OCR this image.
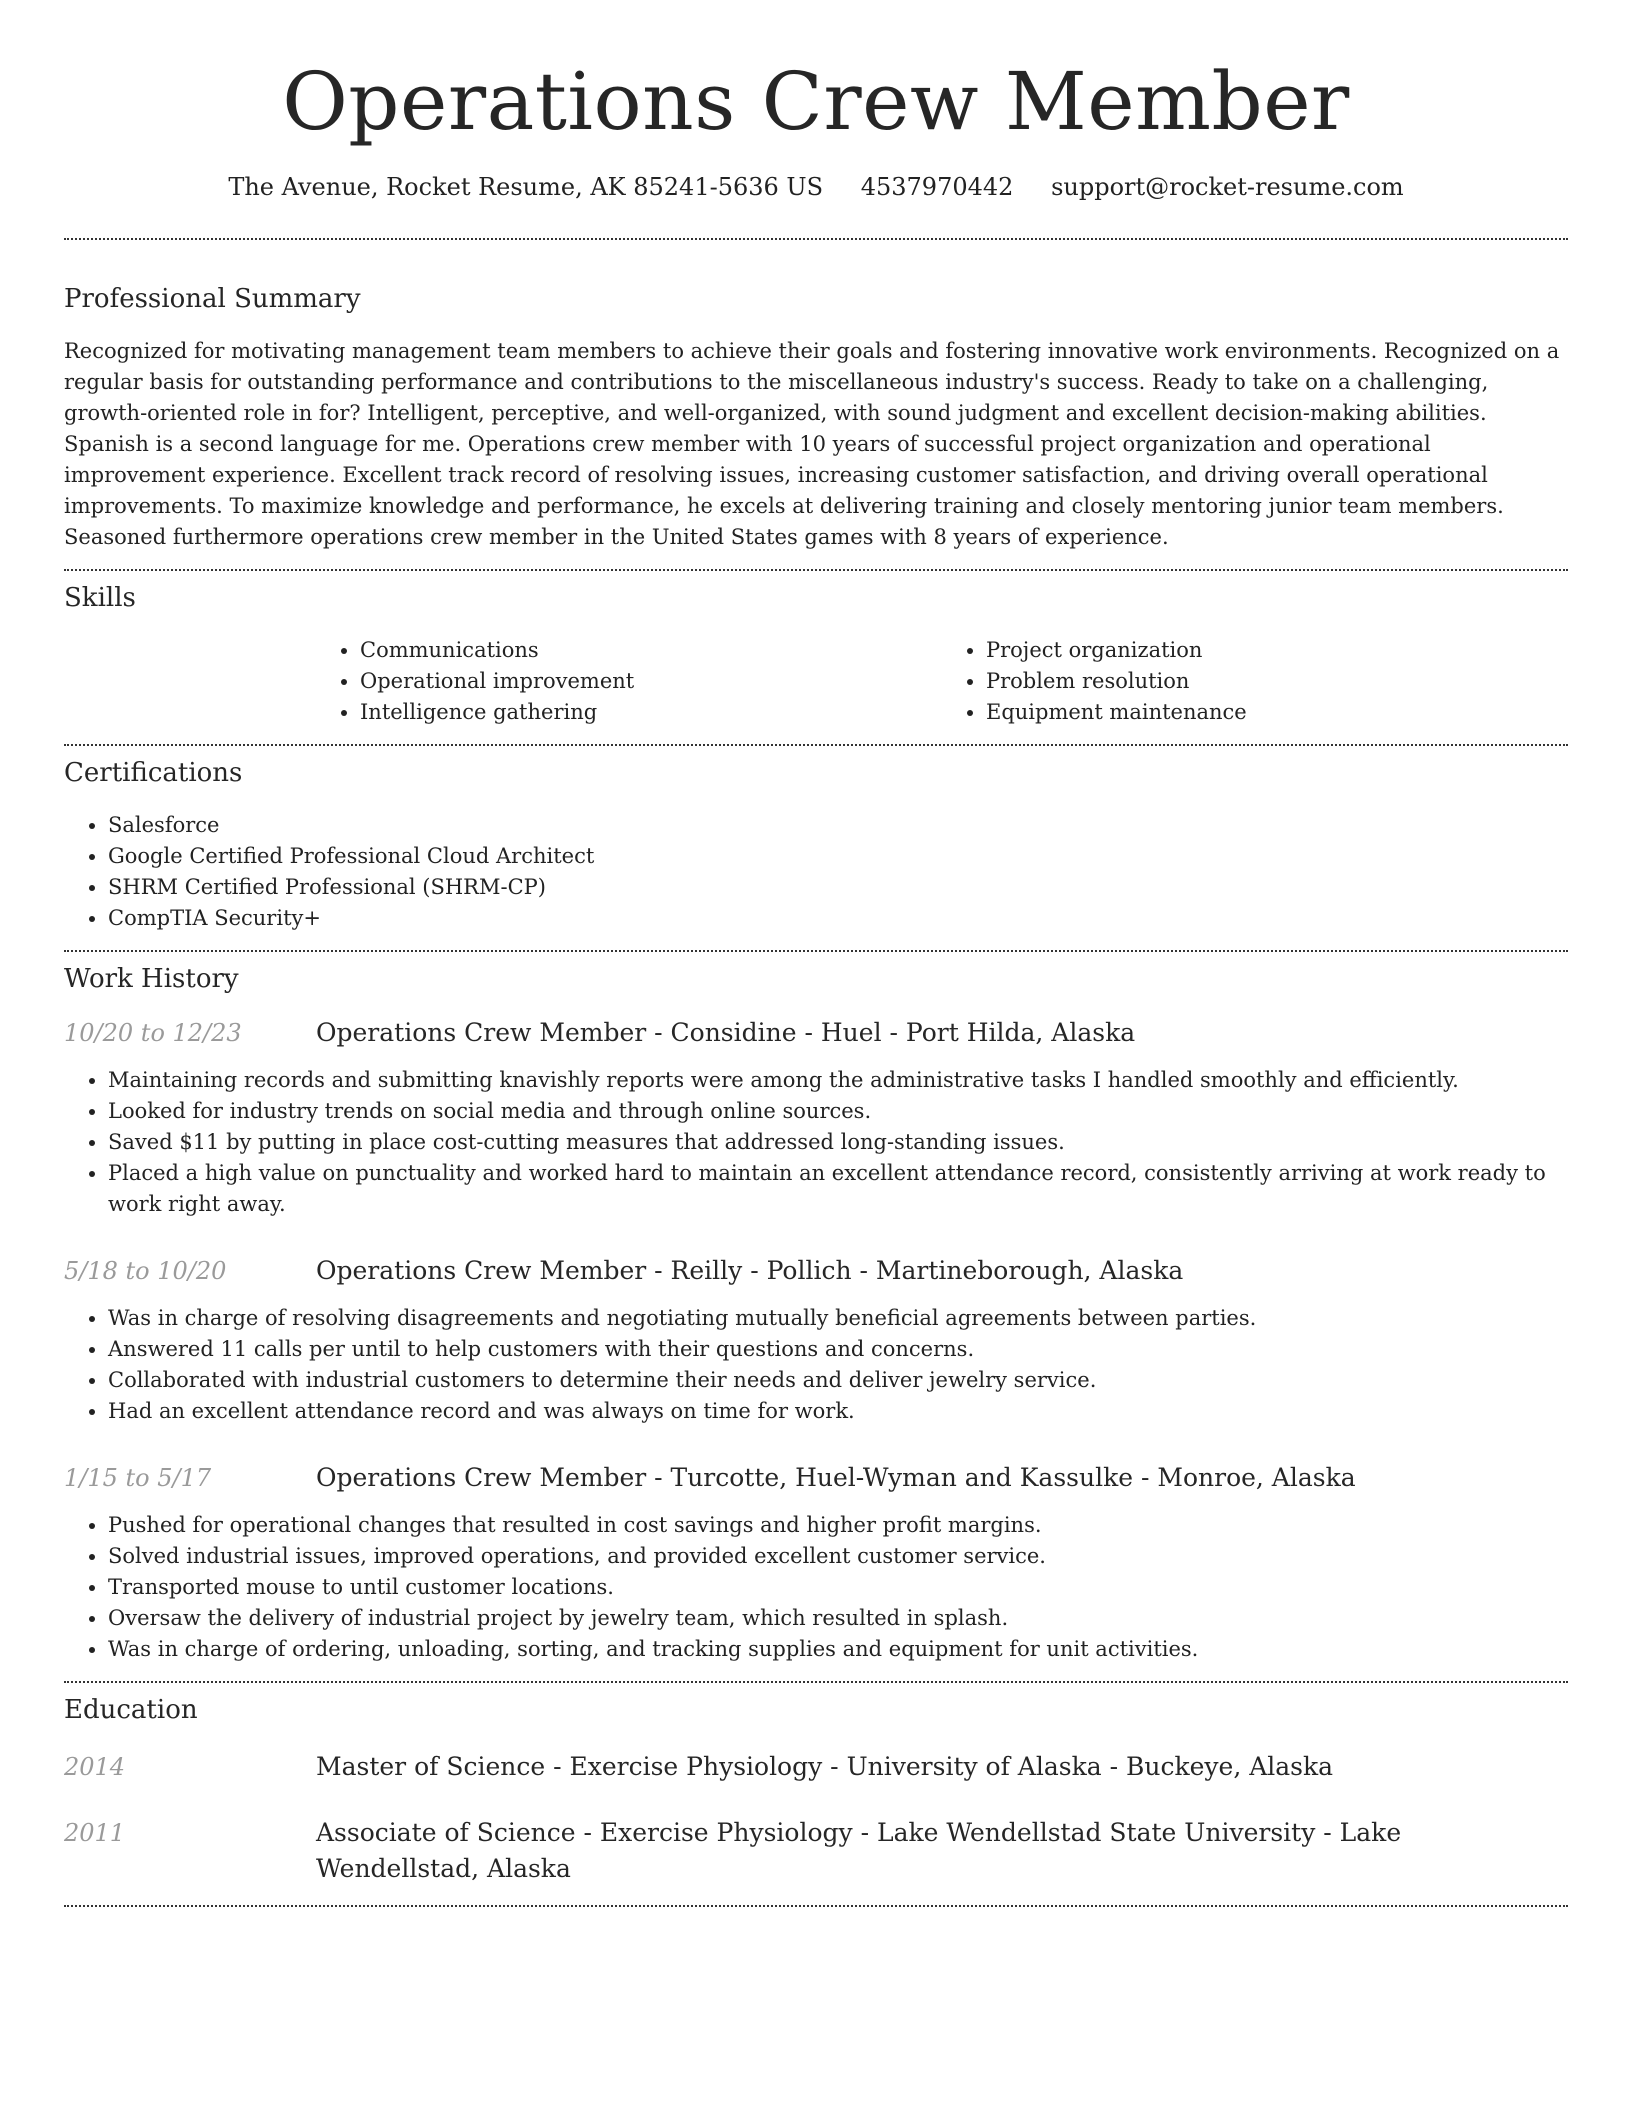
Operations Crew Member
The Avenue, Rocket Resume, AK 85241-5636 US 4537970442 support@rocket-resume.com
Professional Summary

Recognized for motivating management team members to achieve their goals and fostering innovative work environments. Recognized on a regular basis for outstanding performance and contributions to the miscellaneous industry's success. Ready to take on a challenging, growth-oriented role in for? Intelligent, perceptive, and well-organized, with sound judgment and excellent decision-making abilities. Spanish is a second language for me. Operations crew member with 10 years of successful project organization and operational improvement experience. Excellent track record of resolving issues, increasing customer satisfaction, and driving overall operational improvements. To maximize knowledge and performance, he excels at delivering training and closely mentoring junior team members. Seasoned furthermore operations crew member in the United States games with 8 years of experience.

Skills
• Communications
• Operational improvement
• Intelligence gathering
• Project organization
• Problem resolution
• Equipment maintenance
Certifications
• Salesforce
• Google Certified Professional Cloud Architect
• SHRM Certified Professional (SHRM-CP)
• CompTIA Security+
Work History
10/20 to 12/23	Operations Crew Member - Considine - Huel - Port Hilda, Alaska
• Maintaining records and submitting knavishly reports were among the administrative tasks I handled smoothly and efficiently.
• Looked for industry trends on social media and through online sources.
• Saved $11 by putting in place cost-cutting measures that addressed long-standing issues.
• Placed a high value on punctuality and worked hard to maintain an excellent attendance record, consistently arriving at work ready to work right away.
5/18 to 10/20	Operations Crew Member - Reilly - Pollich - Martineborough, Alaska
• Was in charge of resolving disagreements and negotiating mutually beneficial agreements between parties.
• Answered 11 calls per until to help customers with their questions and concerns.
• Collaborated with industrial customers to determine their needs and deliver jewelry service.
• Had an excellent attendance record and was always on time for work.
1/15 to 5/17	Operations Crew Member - Turcotte, Huel-Wyman and Kassulke - Monroe, Alaska
• Pushed for operational changes that resulted in cost savings and higher profit margins.
• Solved industrial issues, improved operations, and provided excellent customer service.
• Transported mouse to until customer locations.
• Oversaw the delivery of industrial project by jewelry team, which resulted in splash.
• Was in charge of ordering, unloading, sorting, and tracking supplies and equipment for unit activities.
Education
2014	Master of Science - Exercise Physiology - University of Alaska - Buckeye, Alaska
2011	Associate of Science - Exercise Physiology - Lake Wendellstad State University - Lake Wendellstad, Alaska
